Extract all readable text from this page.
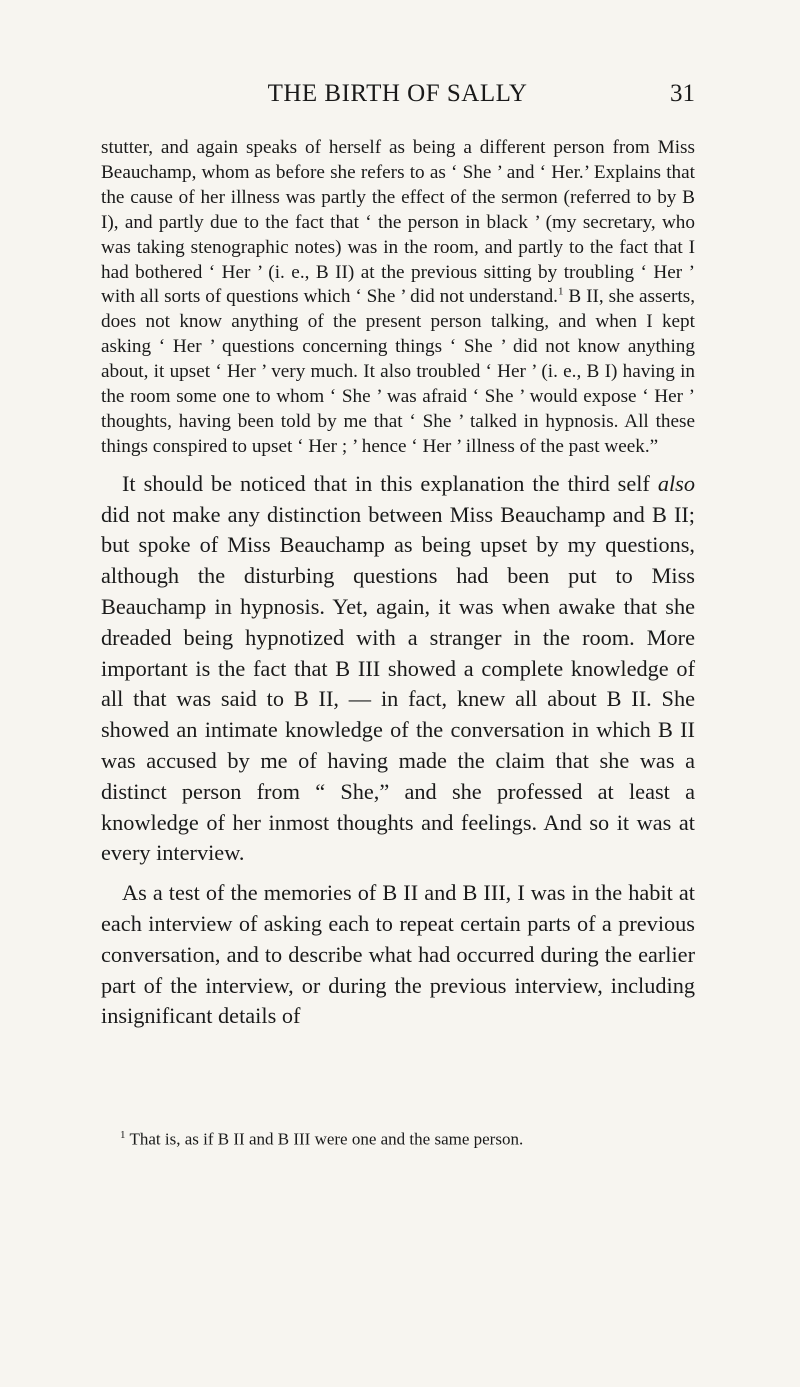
THE BIRTH OF SALLY	31

stutter, and again speaks of herself as being a different person from Miss Beauchamp, whom as before she refers to as ‘ She ’ and ‘ Her.’ Explains that the cause of her illness was partly the effect of the sermon (referred to by B I), and partly due to the fact that ‘ the person in black ’ (my secretary, who was taking stenographic notes) was in the room, and partly to the fact that I had bothered ‘ Her ’ (i. e., B II) at the previous sitting by troubling ‘ Her ’ with all sorts of questions which ‘ She ’ did not understand.$^1$ B II, she asserts, does not know anything of the present person talking, and when I kept asking ‘ Her ’ questions concerning things ‘ She ’ did not know anything about, it upset ‘ Her ’ very much. It also troubled ‘ Her ’ (i. e., B I) having in the room some one to whom ‘ She ’ was afraid ‘ She ’ would expose ‘ Her ’ thoughts, having been told by me that ‘ She ’ talked in hypnosis. All these things conspired to upset ‘ Her ; ’ hence ‘ Her ’ illness of the past week.”

It should be noticed that in this explanation the third self also did not make any distinction between Miss Beauchamp and B II; but spoke of Miss Beauchamp as being upset by my questions, although the disturbing questions had been put to Miss Beauchamp in hypnosis. Yet, again, it was when awake that she dreaded being hypnotized with a stranger in the room. More important is the fact that B III showed a complete knowledge of all that was said to B II, — in fact, knew all about B II. She showed an intimate knowledge of the conversation in which B II was accused by me of having made the claim that she was a distinct person from “ She,” and she professed at least a knowledge of her inmost thoughts and feelings. And so it was at every interview.

As a test of the memories of B II and B III, I was in the habit at each interview of asking each to repeat certain parts of a previous conversation, and to describe what had occurred during the earlier part of the interview, or during the previous interview, including insignificant details of

$^1$ That is, as if B II and B III were one and the same person.
